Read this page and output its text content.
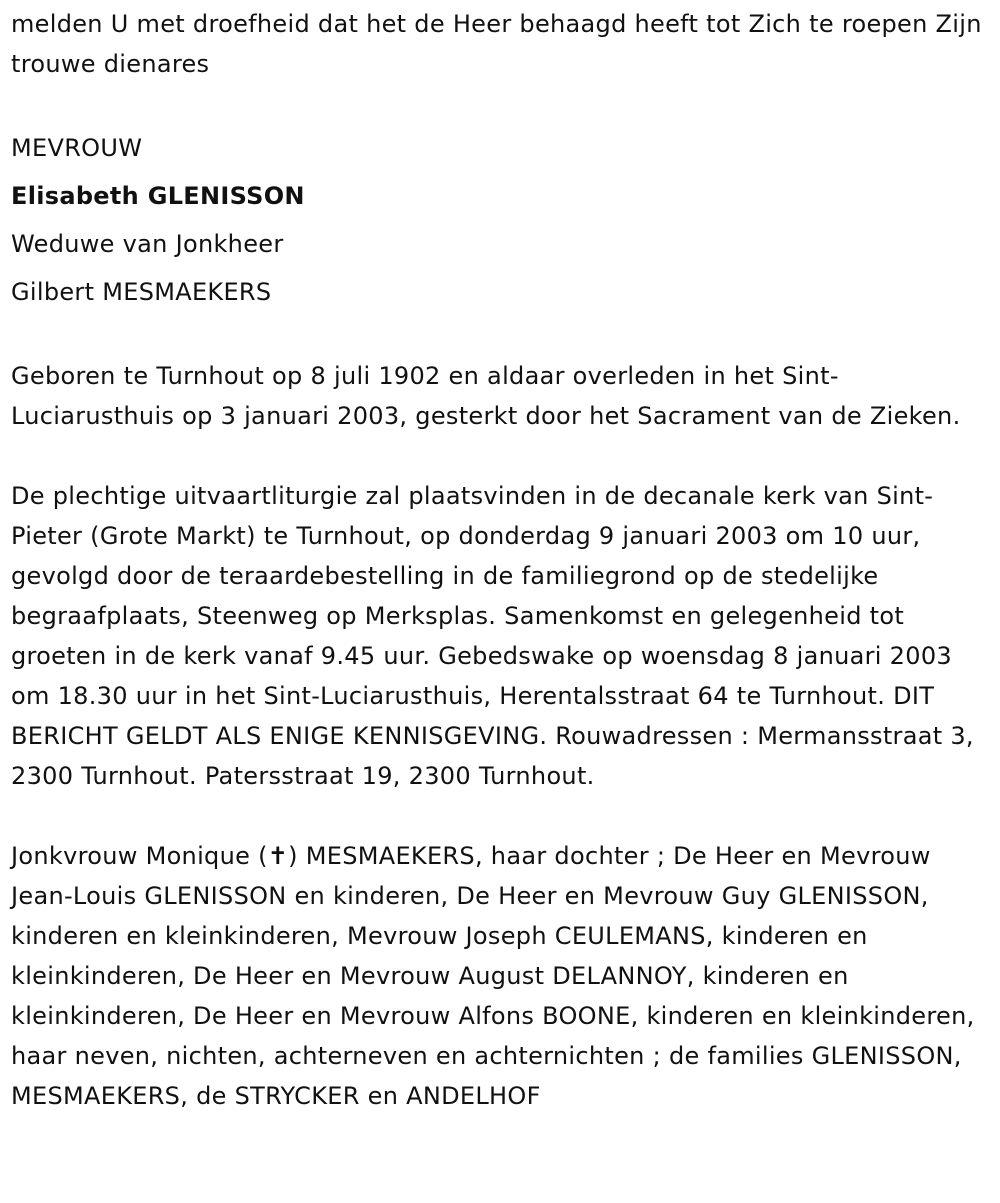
melden U met droefheid dat het de Heer behaagd heeft tot Zich te roepen Zijn trouwe dienares

MEVROUW

Elisabeth GLENISSON

Weduwe van Jonkheer

Gilbert MESMAEKERS

Geboren te Turnhout op 8 juli 1902 en aldaar overleden in het Sint-Luciarusthuis op 3 januari 2003, gesterkt door het Sacrament van de Zieken.

De plechtige uitvaartliturgie zal plaatsvinden in de decanale kerk van Sint-Pieter (Grote Markt) te Turnhout, op donderdag 9 januari 2003 om 10 uur, gevolgd door de teraardebestelling in de familiegrond op de stedelijke begraafplaats, Steenweg op Merksplas. Samenkomst en gelegenheid tot groeten in de kerk vanaf 9.45 uur. Gebedswake op woensdag 8 januari 2003 om 18.30 uur in het Sint-Luciarusthuis, Herentalsstraat 64 te Turnhout. DIT BERICHT GELDT ALS ENIGE KENNISGEVING. Rouwadressen : Mermansstraat 3, 2300 Turnhout. Patersstraat 19, 2300 Turnhout.

Jonkvrouw Monique (✝) MESMAEKERS, haar dochter ; De Heer en Mevrouw Jean-Louis GLENISSON en kinderen, De Heer en Mevrouw Guy GLENISSON, kinderen en kleinkinderen, Mevrouw Joseph CEULEMANS, kinderen en kleinkinderen, De Heer en Mevrouw August DELANNOY, kinderen en kleinkinderen, De Heer en Mevrouw Alfons BOONE, kinderen en kleinkinderen, haar neven, nichten, achterneven en achternichten ; de families GLENISSON, MESMAEKERS, de STRYCKER en ANDELHOF
